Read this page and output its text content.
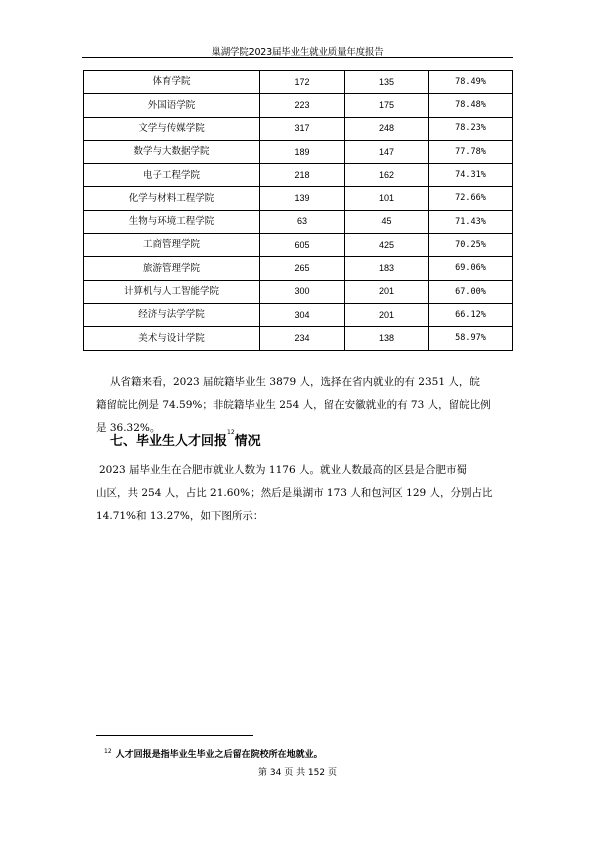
巢湖学院2023届毕业生就业质量年度报告
体育学院	172	135	78.49%
外国语学院	223	175	78.48%
文学与传媒学院	317	248	78.23%
数学与大数据学院	189	147	77.78%
电子工程学院	218	162	74.31%
化学与材料工程学院	139	101	72.66%
生物与环境工程学院	63	45	71.43%
工商管理学院	605	425	70.25%
旅游管理学院	265	183	69.06%
计算机与人工智能学院	300	201	67.00%
经济与法学学院	304	201	66.12%
美术与设计学院	234	138	58.97%

从省籍来看，2023 届皖籍毕业生 3879 人，选择在省内就业的有 2351 人，皖
籍留皖比例是 74.59%；非皖籍毕业生 254 人，留在安徽就业的有 73 人，留皖比例
是 36.32%。

七、毕业生人才回报$^{12}$情况

2023 届毕业生在合肥市就业人数为 1176 人。就业人数最高的区县是合肥市蜀
山区，共 254 人，占比 21.60%；然后是巢湖市 173 人和包河区 129 人，分别占比
14.71%和 13.27%，如下图所示：

$^{12}$ 人才回报是指毕业生毕业之后留在院校所在地就业。
第 34 页 共 152 页
